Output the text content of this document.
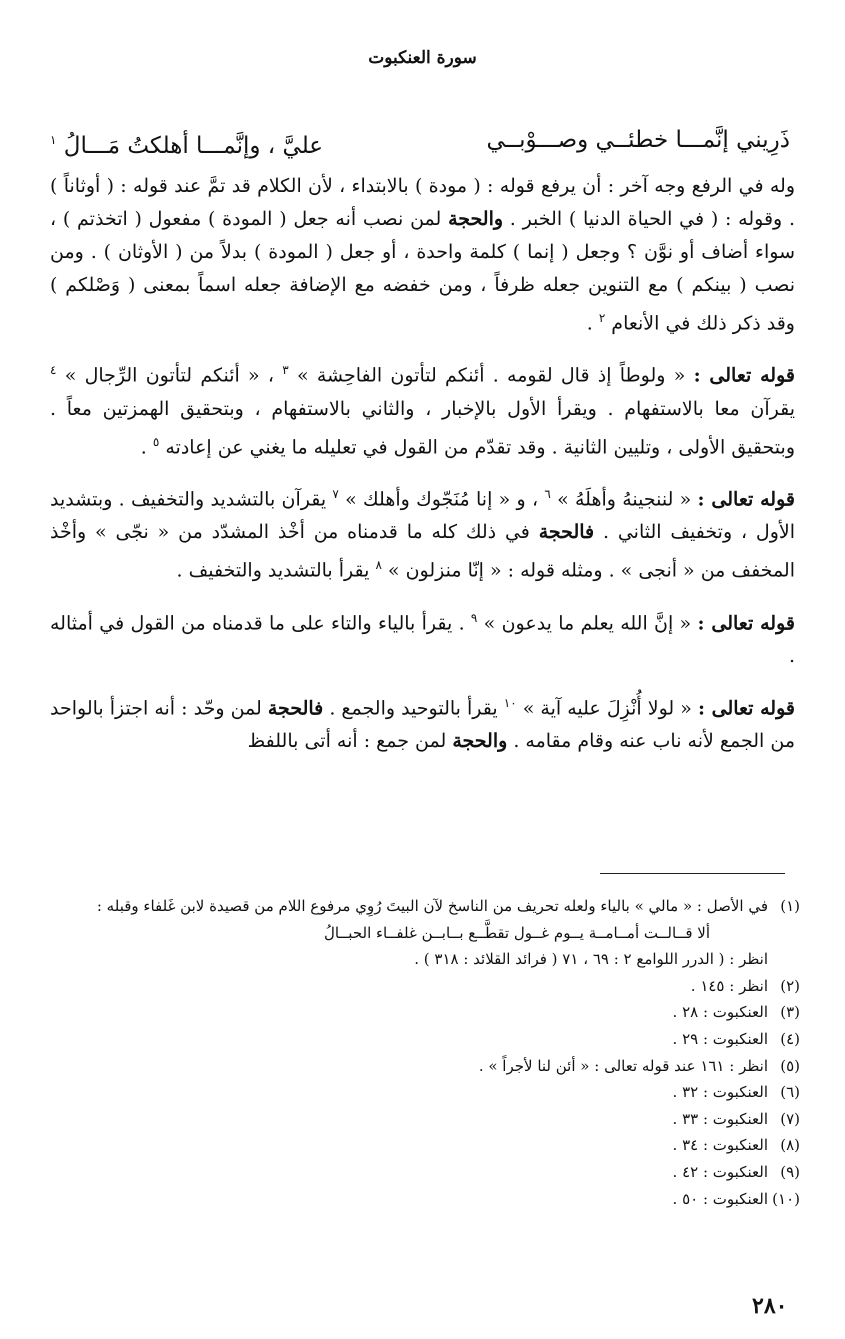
سورة العنكبوت
ذَرِيني إنَّمـــا خطئــي وصـــوْبــي
عليَّ ، وإنَّمـــا أهلكتُ مَـــالُ $^١$

وله في الرفع وجه آخر : أن يرفع قوله : ( مودة ) بالابتداء ، لأن الكلام قد تمَّ عند قوله : ( أوثاناً ) . وقوله : ( في الحياة الدنيا ) الخبر . والحجة لمن نصب أنه جعل ( المودة ) مفعول ( اتخذتم ) ، سواء أضاف أو نوَّن ؟ وجعل ( إنما ) كلمة واحدة ، أو جعل ( المودة ) بدلاً من ( الأوثان ) . ومن نصب ( بينكم ) مع التنوين جعله ظرفاً ، ومن خفضه مع الإضافة جعله اسماً بمعنى ( وَصْلكم ) وقد ذكر ذلك في الأنعام $^٢$ .

قوله تعالى : « ولوطاً إذ قال لقومه . أئنكم لتأتون الفاحِشة » $^٣$ ، « أئنكم لتأتون الرِّجال » $^٤$ يقرآن معا بالاستفهام . ويقرأ الأول بالإخبار ، والثاني بالاستفهام ، وبتحقيق الهمزتين معاً . وبتحقيق الأولى ، وتليين الثانية . وقد تقدّم من القول في تعليله ما يغني عن إعادته $^٥$ .

قوله تعالى : « لننجينهُ وأهلَهُ » $^٦$ ، و « إنا مُنَجّوك وأهلك » $^٧$ يقرآن بالتشديد والتخفيف . وبتشديد الأول ، وتخفيف الثاني . فالحجة في ذلك كله ما قدمناه من أخْذ المشدّد من « نجّى » وأخْذ المخفف من « أنجى » . ومثله قوله : « إنّا منزلون » $^٨$ يقرأ بالتشديد والتخفيف .

قوله تعالى : « إنَّ الله يعلم ما يدعون » $^٩$ . يقرأ بالياء والتاء على ما قدمناه من القول في أمثاله .

قوله تعالى : « لولا أُنْزِلَ عليه آية » $^{١٠}$ يقرأ بالتوحيد والجمع . فالحجة لمن وحّد : أنه اجتزأ بالواحد من الجمع لأنه ناب عنه وقام مقامه . والحجة لمن جمع : أنه أتى باللفظ

(١)
في الأصل : « مالي » بالياء ولعله تحريف من الناسخ لآن البيتَ رُوِي مرفوع اللام من قصيدة لابن غَلفاء وقبله :
ألا قــالــت أمــامــة يــوم غــول تقطَّــع بــابــن غلفــاء الحبــالُ
انظر : ( الدرر اللوامع ٢ : ٦٩ ، ٧١ ( فرائد القلائد : ٣١٨ ) .
(٢)
انظر : ١٤٥ .
(٣)
العنكبوت : ٢٨ .
(٤)
العنكبوت : ٢٩ .
(٥)
انظر : ١٦١ عند قوله تعالى : « أئن لنا لأجراً » .
(٦)
العنكبوت : ٣٢ .
(٧)
العنكبوت : ٣٣ .
(٨)
العنكبوت : ٣٤ .
(٩)
العنكبوت : ٤٢ .
(١٠)
العنكبوت : ٥٠ .
٢٨٠
